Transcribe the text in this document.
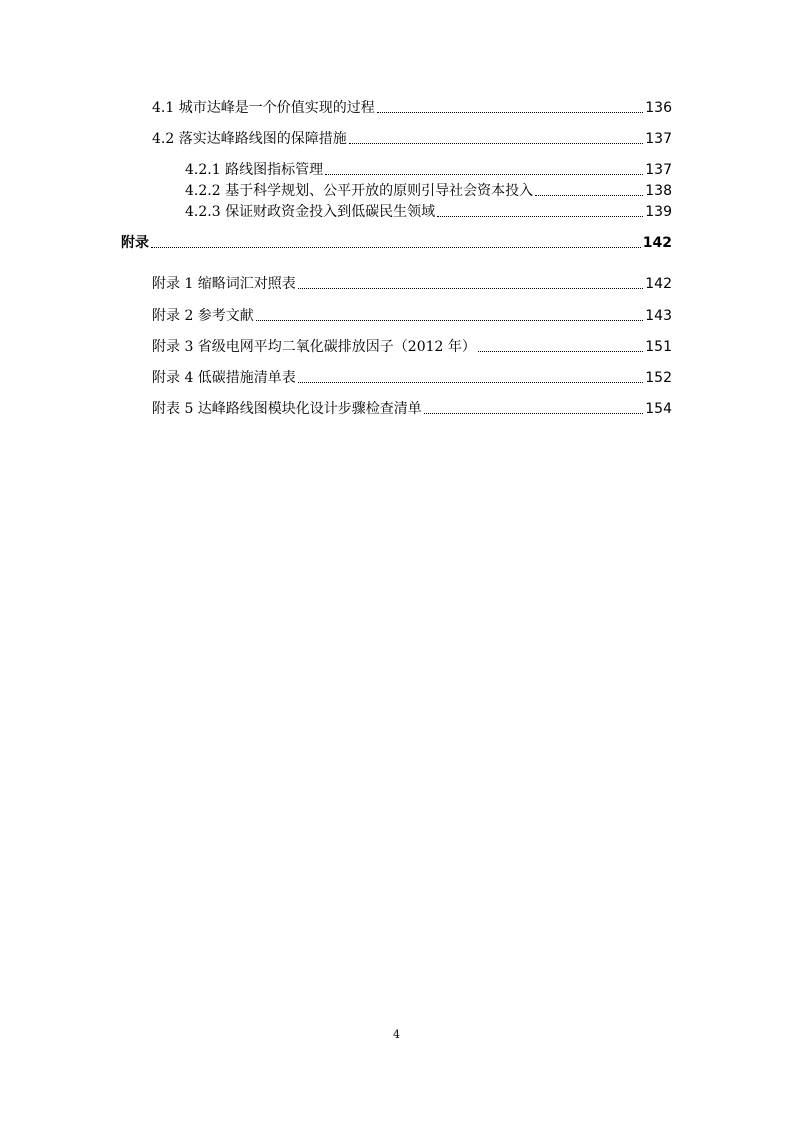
4.1 城市达峰是一个价值实现的过程	136
4.2 落实达峰路线图的保障措施	137
4.2.1 路线图指标管理	137
4.2.2 基于科学规划、公平开放的原则引导社会资本投入	138
4.2.3 保证财政资金投入到低碳民生领域	139
附录	142
附录 1 缩略词汇对照表	142
附录 2 参考文献	143
附录 3 省级电网平均二氧化碳排放因子（2012 年）	151
附录 4 低碳措施清单表	152
附表 5 达峰路线图模块化设计步骤检查清单	154
4
